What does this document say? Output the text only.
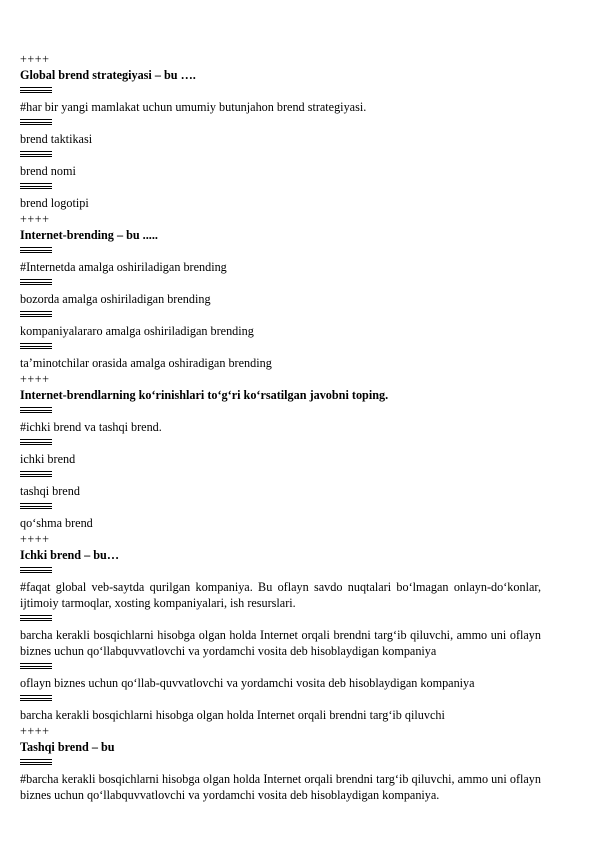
++++
Global brend strategiyasi – bu ….
#har bir yangi mamlakat uchun umumiy butunjahon brend strategiyasi.
brend taktikasi
brend nomi
brend logotipi
++++
Internet-brending – bu .....
#Internetda amalga oshiriladigan brending
bozorda amalga oshiriladigan brending
kompaniyalararo amalga oshiriladigan brending
ta’minotchilar orasida amalga oshiradigan brending
++++
Internet-brendlarning ko‘rinishlari to‘g‘ri ko‘rsatilgan javobni toping.
#ichki brend va tashqi brend.
ichki brend
tashqi brend
qo‘shma brend
++++
Ichki brend – bu…
#faqat global veb-saytda qurilgan kompaniya. Bu oflayn savdo nuqtalari bo‘lmagan onlayn-do‘konlar, ijtimoiy tarmoqlar, xosting kompaniyalari, ish resurslari.
barcha kerakli bosqichlarni hisobga olgan holda Internet orqali brendni targ‘ib qiluvchi, ammo uni oflayn biznes uchun qo‘llabquvvatlovchi va yordamchi vosita deb hisoblaydigan kompaniya
oflayn biznes uchun qo‘llab-quvvatlovchi va yordamchi vosita deb hisoblaydigan kompaniya
barcha kerakli bosqichlarni hisobga olgan holda Internet orqali brendni targ‘ib qiluvchi
++++
Tashqi brend – bu
#barcha kerakli bosqichlarni hisobga olgan holda Internet orqali brendni targ‘ib qiluvchi, ammo uni oflayn biznes uchun qo‘llabquvvatlovchi va yordamchi vosita deb hisoblaydigan kompaniya.
